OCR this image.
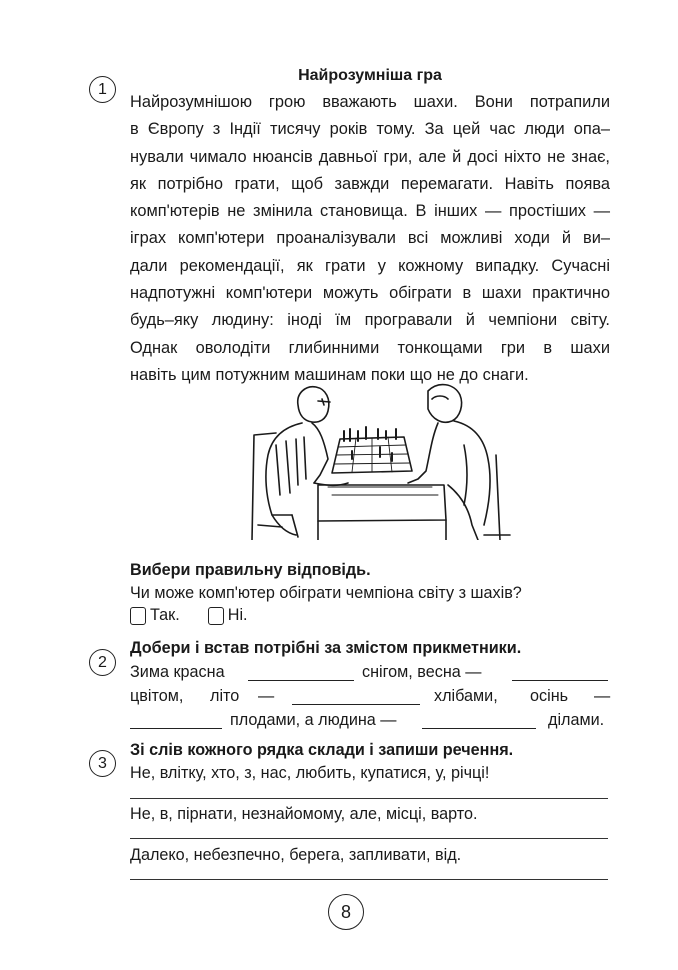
1
Найрозумніша гра
Найрозумнішою грою вважають шахи. Вони потрапили
в Європу з Індії тисячу років тому. За цей час люди опа–
нували чимало нюансів давньої гри, але й досі ніхто не знає,
як потрібно грати, щоб завжди перемагати. Навіть поява
комп'ютерів не змінила становища. В інших — простіших —
іграх комп'ютери проаналізували всі можливі ходи й ви–
дали рекомендації, як грати у кожному випадку. Сучасні
надпотужні комп'ютери можуть обіграти в шахи практично
будь–яку людину: іноді їм програвали й чемпіони світу.
Однак оволодіти глибинними тонкощами гри в шахи
навіть цим потужним машинам поки що не до снаги.
Вибери правильну відповідь.
Чи може комп'ютер обіграти чемпіона світу з шахів?
Так.	Ні.
2
Добери і встав потрібні за змістом прикметники.
Зима красна	снігом, весна —
цвітом, літо —	хлібами, осінь —
плодами, а людина —	ділами.
3
Зі слів кожного рядка склади і запиши речення.
Не, влітку, хто, з, нас, любить, купатися, у, річці!
Не, в, пірнати, незнайомому, але, місці, варто.
Далеко, небезпечно, берега, запливати, від.
8
